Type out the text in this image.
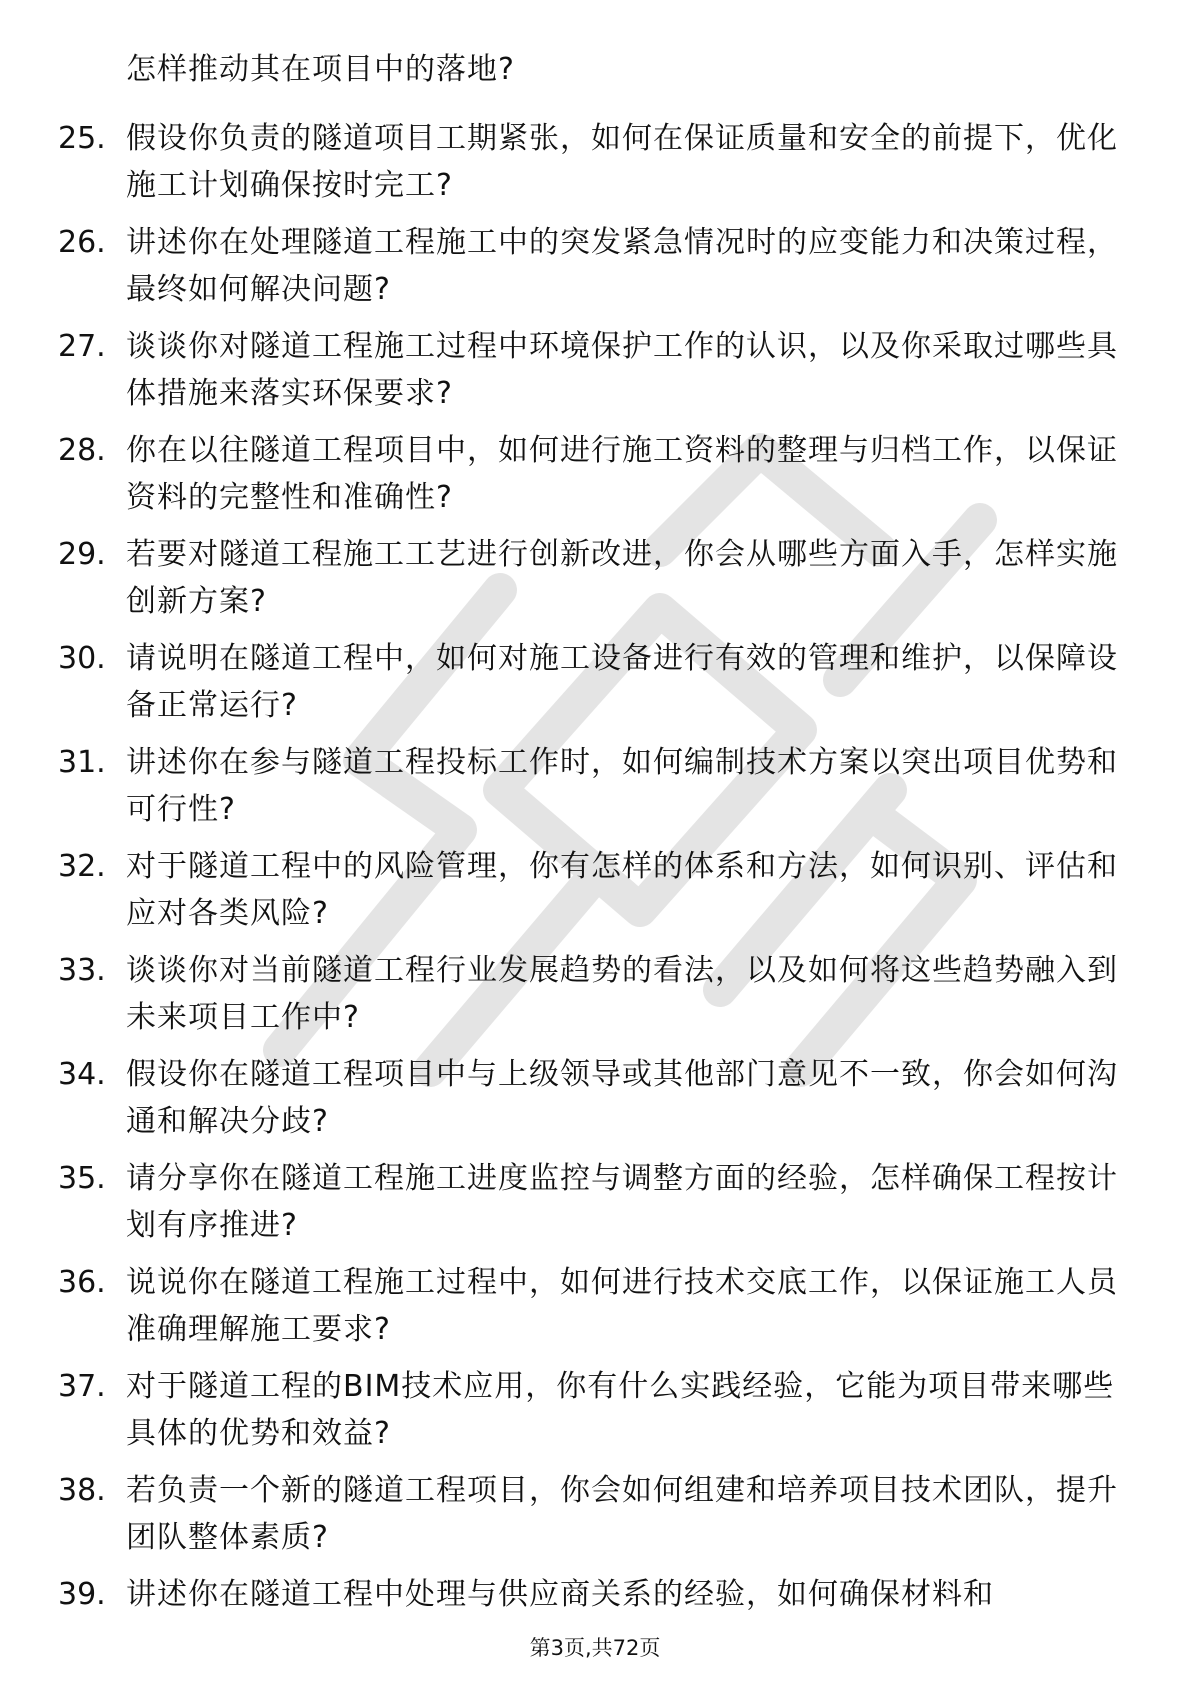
怎样推动其在项目中的落地?
25. 假设你负责的隧道项目工期紧张，如何在保证质量和安全的前提下，优化施工计划确保按时完工?
26. 讲述你在处理隧道工程施工中的突发紧急情况时的应变能力和决策过程，最终如何解决问题?
27. 谈谈你对隧道工程施工过程中环境保护工作的认识，以及你采取过哪些具体措施来落实环保要求?
28. 你在以往隧道工程项目中，如何进行施工资料的整理与归档工作，以保证资料的完整性和准确性?
29. 若要对隧道工程施工工艺进行创新改进，你会从哪些方面入手，怎样实施创新方案?
30. 请说明在隧道工程中，如何对施工设备进行有效的管理和维护，以保障设备正常运行?
31. 讲述你在参与隧道工程投标工作时，如何编制技术方案以突出项目优势和可行性?
32. 对于隧道工程中的风险管理，你有怎样的体系和方法，如何识别、评估和应对各类风险?
33. 谈谈你对当前隧道工程行业发展趋势的看法，以及如何将这些趋势融入到未来项目工作中?
34. 假设你在隧道工程项目中与上级领导或其他部门意见不一致，你会如何沟通和解决分歧?
35. 请分享你在隧道工程施工进度监控与调整方面的经验，怎样确保工程按计划有序推进?
36. 说说你在隧道工程施工过程中，如何进行技术交底工作，以保证施工人员准确理解施工要求?
37. 对于隧道工程的BIM技术应用，你有什么实践经验，它能为项目带来哪些具体的优势和效益?
38. 若负责一个新的隧道工程项目，你会如何组建和培养项目技术团队，提升团队整体素质?
39. 讲述你在隧道工程中处理与供应商关系的经验，如何确保材料和
第3页,共72页
